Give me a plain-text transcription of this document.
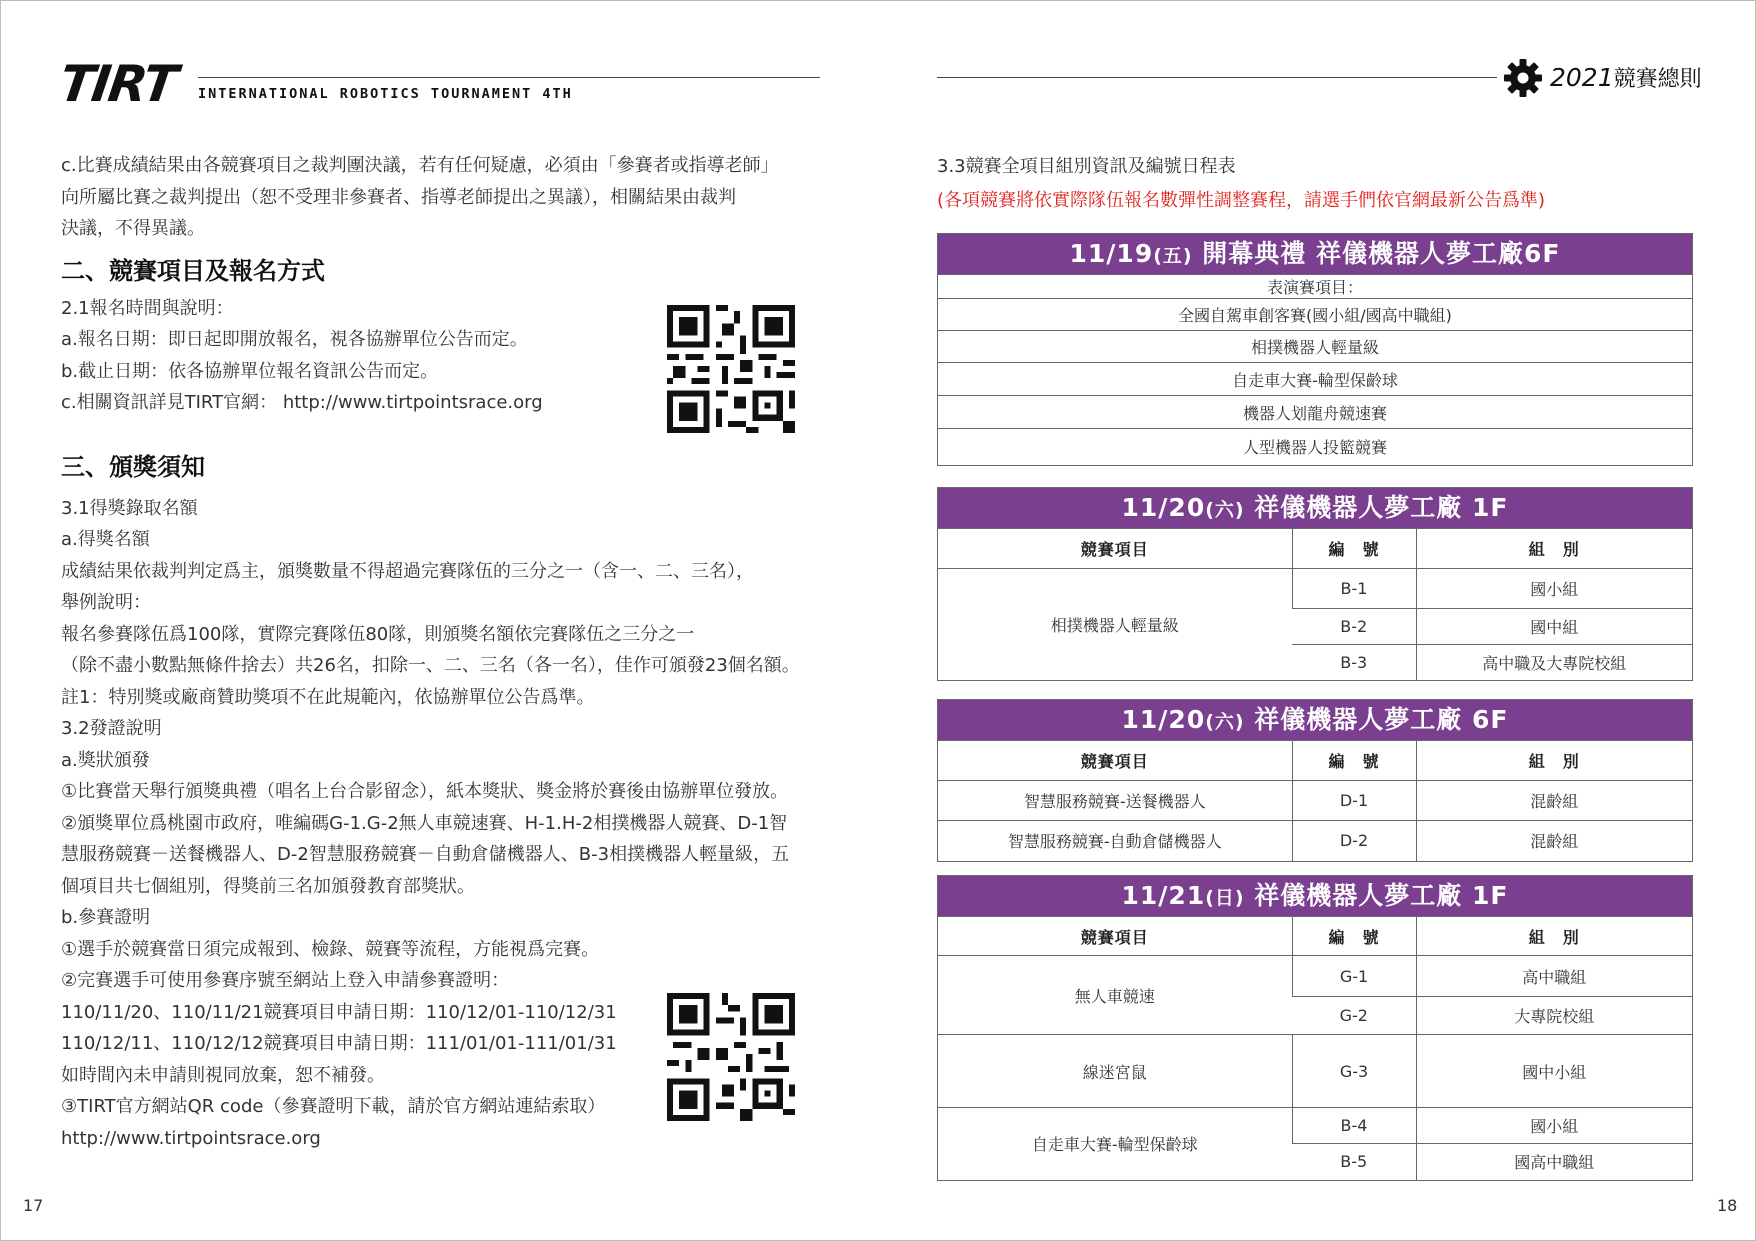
TIRT INTERNATIONAL ROBOTICS TOURNAMENT 4TH
2021競賽總則

c.比賽成績結果由各競賽項目之裁判團決議，若有任何疑慮，必須由「參賽者或指導老師」

向所屬比賽之裁判提出（恕不受理非參賽者、指導老師提出之異議），相關結果由裁判

決議，不得異議。

二、競賽項目及報名方式

2.1報名時間與說明：

a.報名日期：即日起即開放報名，視各協辦單位公告而定。

b.截止日期：依各協辦單位報名資訊公告而定。

c.相關資訊詳見TIRT官網： http://www.tirtpointsrace.org

三、頒獎須知

3.1得獎錄取名額

a.得獎名額

成績結果依裁判判定爲主，頒獎數量不得超過完賽隊伍的三分之一（含一、二、三名），

舉例說明：

報名參賽隊伍爲100隊，實際完賽隊伍80隊，則頒獎名額依完賽隊伍之三分之一

（除不盡小數點無條件捨去）共26名，扣除一、二、三名（各一名），佳作可頒發23個名額。

註1：特別獎或廠商贊助獎項不在此規範內，依協辦單位公告爲準。

3.2發證說明

a.獎狀頒發

①比賽當天舉行頒獎典禮（唱名上台合影留念），紙本獎狀、獎金將於賽後由協辦單位發放。

②頒獎單位爲桃園市政府，唯編碼G-1.G-2無人車競速賽、H-1.H-2相撲機器人競賽、D-1智

慧服務競賽－送餐機器人、D-2智慧服務競賽－自動倉儲機器人、B-3相撲機器人輕量級，五

個項目共七個組別，得獎前三名加頒發教育部獎狀。

b.參賽證明

①選手於競賽當日須完成報到、檢錄、競賽等流程，方能視爲完賽。

②完賽選手可使用參賽序號至網站上登入申請參賽證明：

110/11/20、110/11/21競賽項目申請日期：110/12/01-110/12/31

110/12/11、110/12/12競賽項目申請日期：111/01/01-111/01/31

如時間內未申請則視同放棄，恕不補發。

③TIRT官方網站QR code（參賽證明下載，請於官方網站連結索取）

http://www.tirtpointsrace.org

17
3.3競賽全項目組別資訊及編號日程表
(各項競賽將依實際隊伍報名數彈性調整賽程，請選手們依官網最新公告爲準)
11/19(五) 開幕典禮 祥儀機器人夢工廠6F
表演賽項目：
全國自駕車創客賽(國小組/國高中職組)
相撲機器人輕量級
自走車大賽-輪型保齡球
機器人划龍舟競速賽
人型機器人投籃競賽
11/20(六) 祥儀機器人夢工廠 1F
競賽項目	編　號	組　別
相撲機器人輕量級	B-1	國小組
	B-2	國中組
	B-3	高中職及大專院校組
11/20(六) 祥儀機器人夢工廠 6F
競賽項目	編　號	組　別
智慧服務競賽-送餐機器人	D-1	混齡組
智慧服務競賽-自動倉儲機器人	D-2	混齡組
11/21(日) 祥儀機器人夢工廠 1F
競賽項目	編　號	組　別
無人車競速	G-1	高中職組
	G-2	大專院校組
線迷宮鼠	G-3	國中小組
自走車大賽-輪型保齡球	B-4	國小組
	B-5	國高中職組
18
